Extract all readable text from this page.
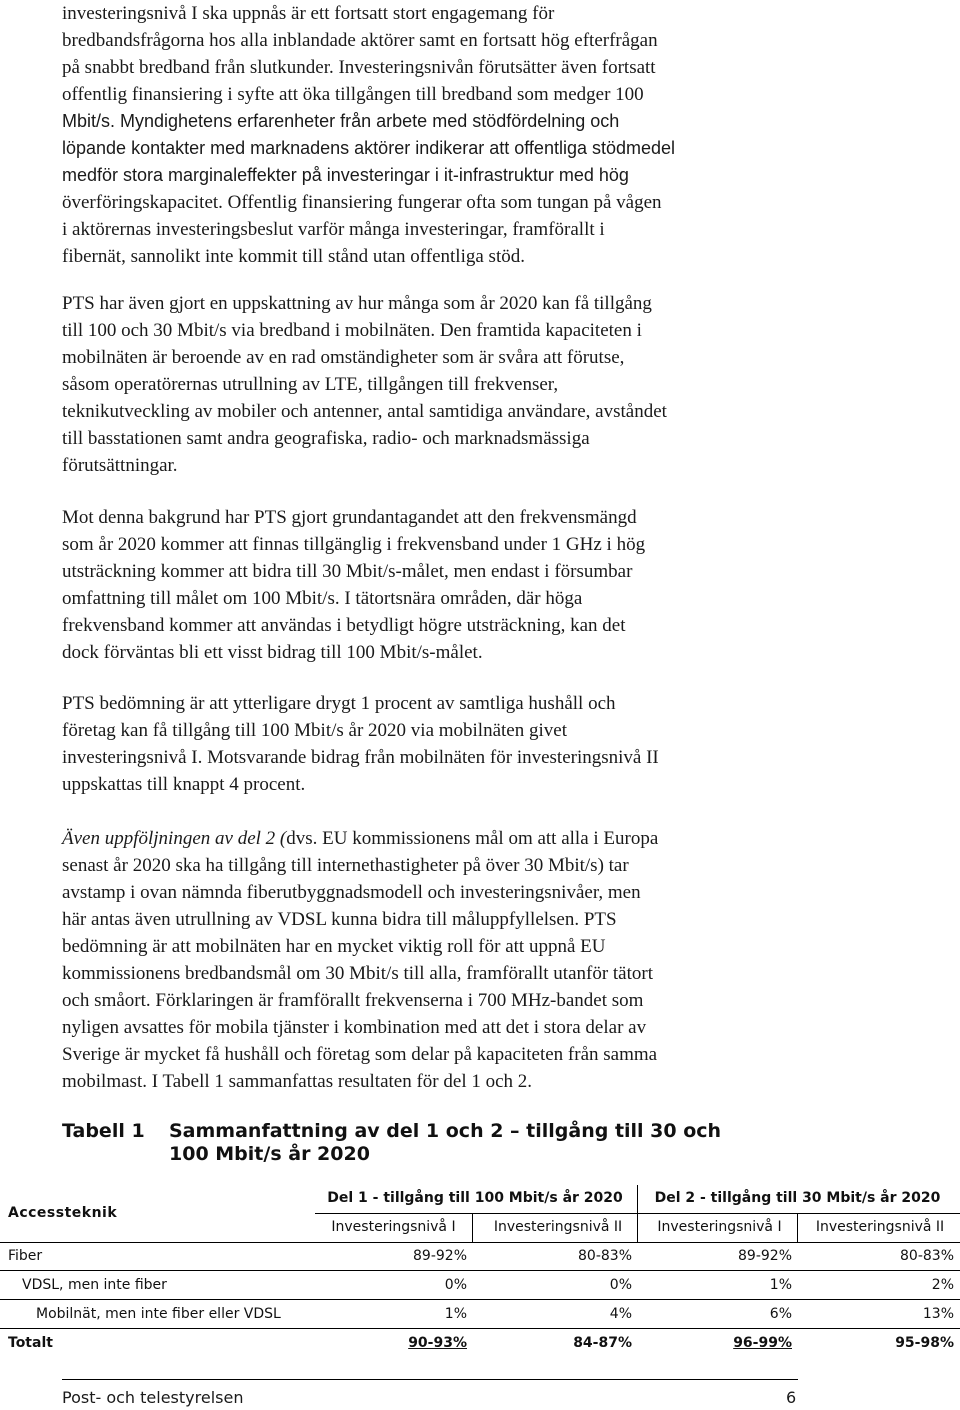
investeringsnivå I ska uppnås är ett fortsatt stort engagemang för
bredbandsfrågorna hos alla inblandade aktörer samt en fortsatt hög efterfrågan
på snabbt bredband från slutkunder. Investeringsnivån förutsätter även fortsatt
offentlig finansiering i syfte att öka tillgången till bredband som medger 100
Mbit/s. Myndighetens erfarenheter från arbete med stödfördelning och
löpande kontakter med marknadens aktörer indikerar att offentliga stödmedel
medför stora marginaleffekter på investeringar i it-infrastruktur med hög
överföringskapacitet. Offentlig finansiering fungerar ofta som tungan på vågen
i aktörernas investeringsbeslut varför många investeringar, framförallt i
fibernät, sannolikt inte kommit till stånd utan offentliga stöd.
PTS har även gjort en uppskattning av hur många som år 2020 kan få tillgång
till 100 och 30 Mbit/s via bredband i mobilnäten. Den framtida kapaciteten i
mobilnäten är beroende av en rad omständigheter som är svåra att förutse,
såsom operatörernas utrullning av LTE, tillgången till frekvenser,
teknikutveckling av mobiler och antenner, antal samtidiga användare, avståndet
till basstationen samt andra geografiska, radio- och marknadsmässiga
förutsättningar.
Mot denna bakgrund har PTS gjort grundantagandet att den frekvensmängd
som år 2020 kommer att finnas tillgänglig i frekvensband under 1 GHz i hög
utsträckning kommer att bidra till 30 Mbit/s-målet, men endast i försumbar
omfattning till målet om 100 Mbit/s. I tätortsnära områden, där höga
frekvensband kommer att användas i betydligt högre utsträckning, kan det
dock förväntas bli ett visst bidrag till 100 Mbit/s-målet.
PTS bedömning är att ytterligare drygt 1 procent av samtliga hushåll och
företag kan få tillgång till 100 Mbit/s år 2020 via mobilnäten givet
investeringsnivå I. Motsvarande bidrag från mobilnäten för investeringsnivå II
uppskattas till knappt 4 procent.
Även uppföljningen av del 2 (dvs. EU kommissionens mål om att alla i Europa
senast år 2020 ska ha tillgång till internethastigheter på över 30 Mbit/s) tar
avstamp i ovan nämnda fiberutbyggnadsmodell och investeringsnivåer, men
här antas även utrullning av VDSL kunna bidra till måluppfyllelsen. PTS
bedömning är att mobilnäten har en mycket viktig roll för att uppnå EU
kommissionens bredbandsmål om 30 Mbit/s till alla, framförallt utanför tätort
och småort. Förklaringen är framförallt frekvenserna i 700 MHz-bandet som
nyligen avsattes för mobila tjänster i kombination med att det i stora delar av
Sverige är mycket få hushåll och företag som delar på kapaciteten från samma
mobilmast. I Tabell 1 sammanfattas resultaten för del 1 och 2.
Tabell 1 Sammanfattning av del 1 och 2 – tillgång till 30 och
100 Mbit/s år 2020
Accessteknik
Del 1 - tillgång till 100 Mbit/s år 2020	Del 2 - tillgång till 30 Mbit/s år 2020
Investeringsnivå I	Investeringsnivå II	Investeringsnivå I	Investeringsnivå II
Fiber	89-92%	80-83%	89-92%	80-83%
VDSL, men inte fiber	0%	0%	1%	2%
Mobilnät, men inte fiber eller VDSL	1%	4%	6%	13%
Totalt	90-93%	84-87%	96-99%	95-98%
Post- och telestyrelsen	6
